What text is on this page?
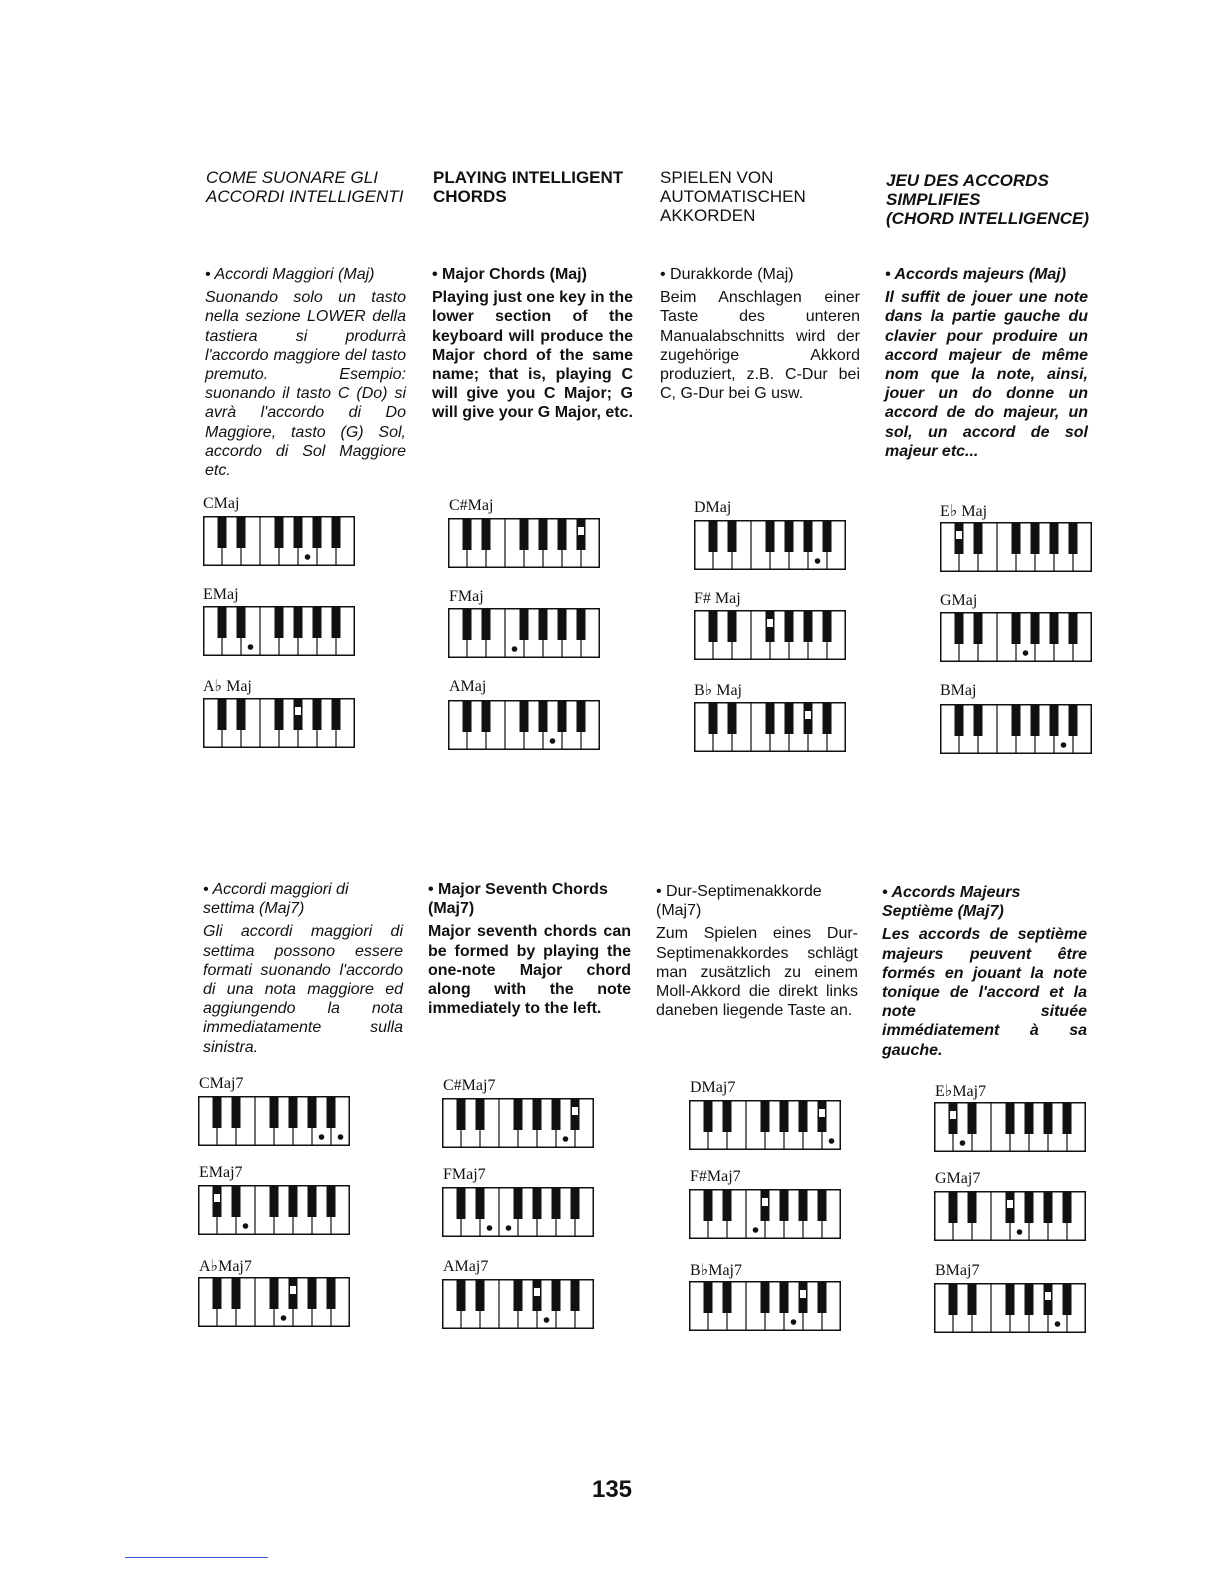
COME SUONARE GLI
ACCORDI INTELLIGENTI
PLAYING INTELLIGENT
CHORDS
SPIELEN VON
AUTOMATISCHEN
AKKORDEN
JEU DES ACCORDS
SIMPLIFIES
(CHORD INTELLIGENCE)

• Accordi Maggiori (Maj)

Suonando solo un tasto nella sezione LOWER della tastiera si produrrà l'accordo maggiore del tasto premuto. Esempio: suonando il tasto C (Do) si avrà l'accordo di Do Maggiore, tasto (G) Sol, accordo di Sol Maggiore etc.

• Major Chords (Maj)

Playing just one key in the lower section of the keyboard will produce the Major chord of the same name; that is, playing C will give you C Major; G will give your G Major, etc.

• Durakkorde (Maj)

Beim Anschlagen einer Taste des unteren Manualabschnitts wird der zugehörige Akkord produziert, z.B. C-Dur bei C, G-Dur bei G usw.

• Accords majeurs (Maj)

Il suffit de jouer une note dans la partie gauche du clavier pour produire un accord majeur de même nom que la note, ainsi, jouer un do donne un accord de do majeur, un sol, un accord de sol majeur etc...

CMaj	C#Maj	DMaj	E♭ Maj
EMaj	FMaj	F# Maj	GMaj
A♭ Maj	AMaj	B♭ Maj	BMaj

• Accordi maggiori di settima (Maj7)

Gli accordi maggiori di settima possono essere formati suonando l'accordo di una nota maggiore ed aggiungendo la nota immediatamente sulla sinistra.

• Major Seventh Chords (Maj7)

Major seventh chords can be formed by playing the one-note Major chord along with the note immediately to the left.

• Dur-Septimenakkorde (Maj7)

Zum Spielen eines Dur-Septimenakkordes schlägt man zusätzlich zu einem Moll-Akkord die direkt links daneben liegende Taste an.

• Accords Majeurs Septième (Maj7)

Les accords de septième majeurs peuvent être formés en jouant la note tonique de l'accord et la note située immédiatement à sa gauche.

CMaj7	C#Maj7	DMaj7	E♭Maj7
EMaj7	FMaj7	F#Maj7	GMaj7
A♭Maj7	AMaj7	B♭Maj7	BMaj7
135
